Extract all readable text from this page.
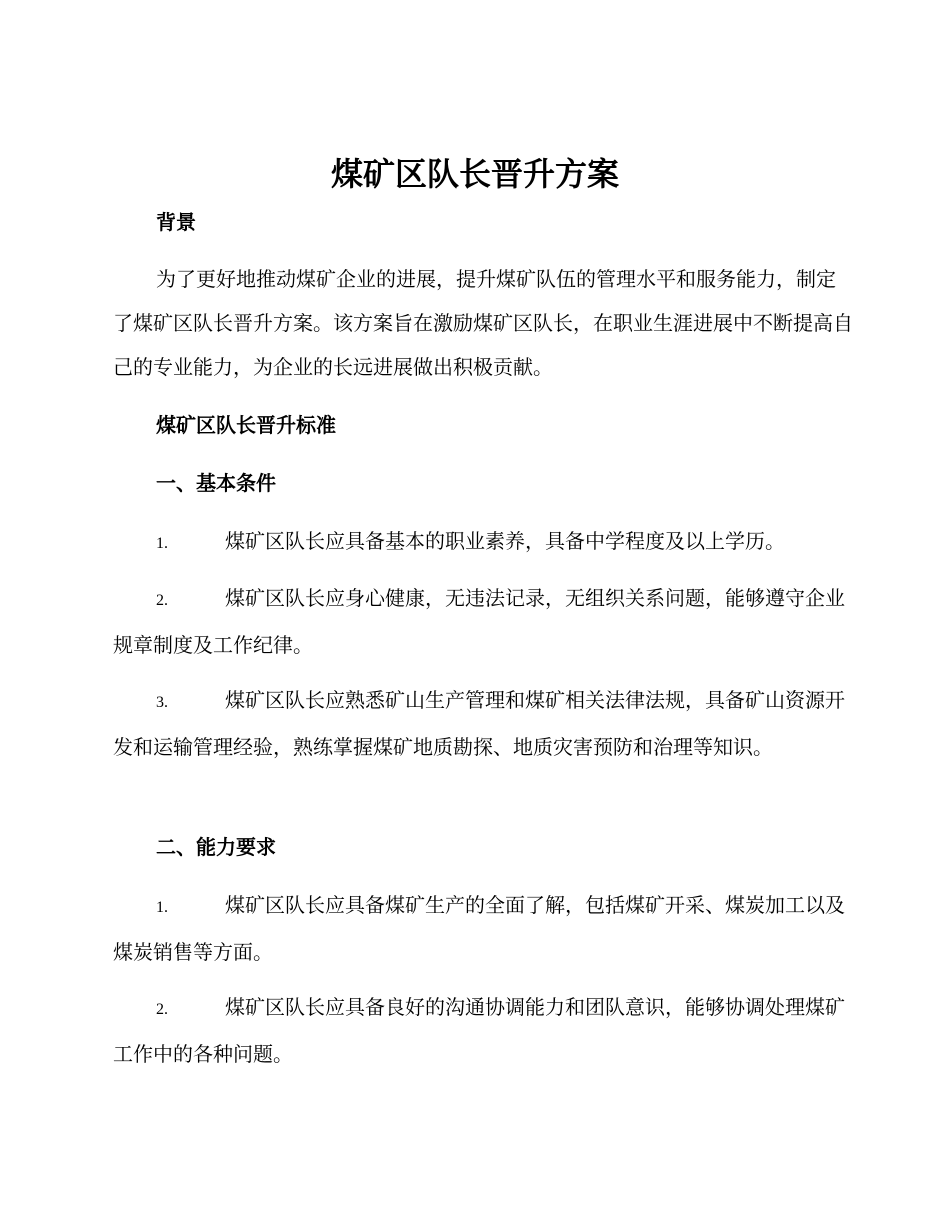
煤矿区队长晋升方案
背景
为了更好地推动煤矿企业的进展，提升煤矿队伍的管理水平和服务能力，制定了煤矿区队长晋升方案。该方案旨在激励煤矿区队长，在职业生涯进展中不断提高自己的专业能力，为企业的长远进展做出积极贡献。
煤矿区队长晋升标准
一、基本条件
1.	煤矿区队长应具备基本的职业素养，具备中学程度及以上学历。
2.	煤矿区队长应身心健康，无违法记录，无组织关系问题，能够遵守企业规章制度及工作纪律。
3.	煤矿区队长应熟悉矿山生产管理和煤矿相关法律法规，具备矿山资源开发和运输管理经验，熟练掌握煤矿地质勘探、地质灾害预防和治理等知识。
二、能力要求
1.	煤矿区队长应具备煤矿生产的全面了解，包括煤矿开采、煤炭加工以及煤炭销售等方面。
2.	煤矿区队长应具备良好的沟通协调能力和团队意识，能够协调处理煤矿工作中的各种问题。
